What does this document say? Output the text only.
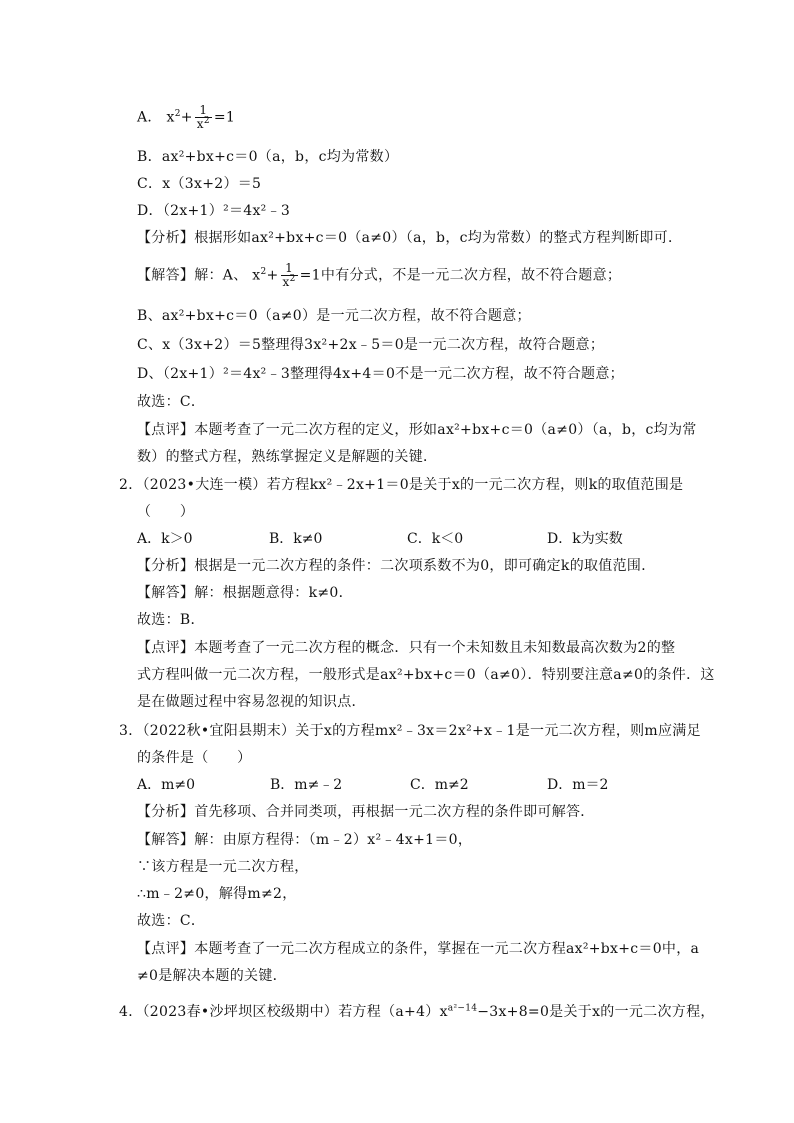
A． $x^2+ \frac{1}{x^2} =1$
B．ax²+bx+c＝0（a，b，c均为常数）
C．x（3x+2）＝5
D．（2x+1）²＝4x²﹣3
【分析】根据形如ax²+bx+c＝0（a≠0）（a，b，c均为常数）的整式方程判断即可．
【解答】解：A、 $x^2+ \frac{1}{x^2} =1$中有分式，不是一元二次方程，故不符合题意；
B、ax²+bx+c＝0（a≠0）是一元二次方程，故不符合题意；
C、x（3x+2）＝5整理得3x²+2x﹣5＝0是一元二次方程，故符合题意；
D、（2x+1）²＝4x²﹣3整理得4x+4＝0不是一元二次方程，故不符合题意；
故选：C．
【点评】本题考查了一元二次方程的定义，形如ax²+bx+c＝0（a≠0）（a，b，c均为常
数）的整式方程，熟练掌握定义是解题的关键．
2．（2023•大连一模）若方程kx²﹣2x+1＝0是关于x的一元二次方程，则k的取值范围是
（　　）
A．k＞0	B．k≠0	C．k＜0	D．k为实数
【分析】根据是一元二次方程的条件：二次项系数不为0，即可确定k的取值范围．
【解答】解：根据题意得：k≠0．
故选：B．
【点评】本题考查了一元二次方程的概念．只有一个未知数且未知数最高次数为2的整
式方程叫做一元二次方程，一般形式是ax²+bx+c＝0（a≠0）．特别要注意a≠0的条件．这
是在做题过程中容易忽视的知识点．
3．（2022秋•宜阳县期末）关于x的方程mx²﹣3x＝2x²+x﹣1是一元二次方程，则m应满足
的条件是（　　）
A．m≠0	B．m≠﹣2	C．m≠2	D．m＝2
【分析】首先移项、合并同类项，再根据一元二次方程的条件即可解答．
【解答】解：由原方程得：（m﹣2）x²﹣4x+1＝0，
∵该方程是一元二次方程，
∴m﹣2≠0，解得m≠2，
故选：C．
【点评】本题考查了一元二次方程成立的条件，掌握在一元二次方程ax²+bx+c＝0中，a
≠0是解决本题的关键．
4．（2023春•沙坪坝区校级期中）若方程$(a+4)x^{a^2-14}-3x+8=0$是关于x的一元二次方程，
